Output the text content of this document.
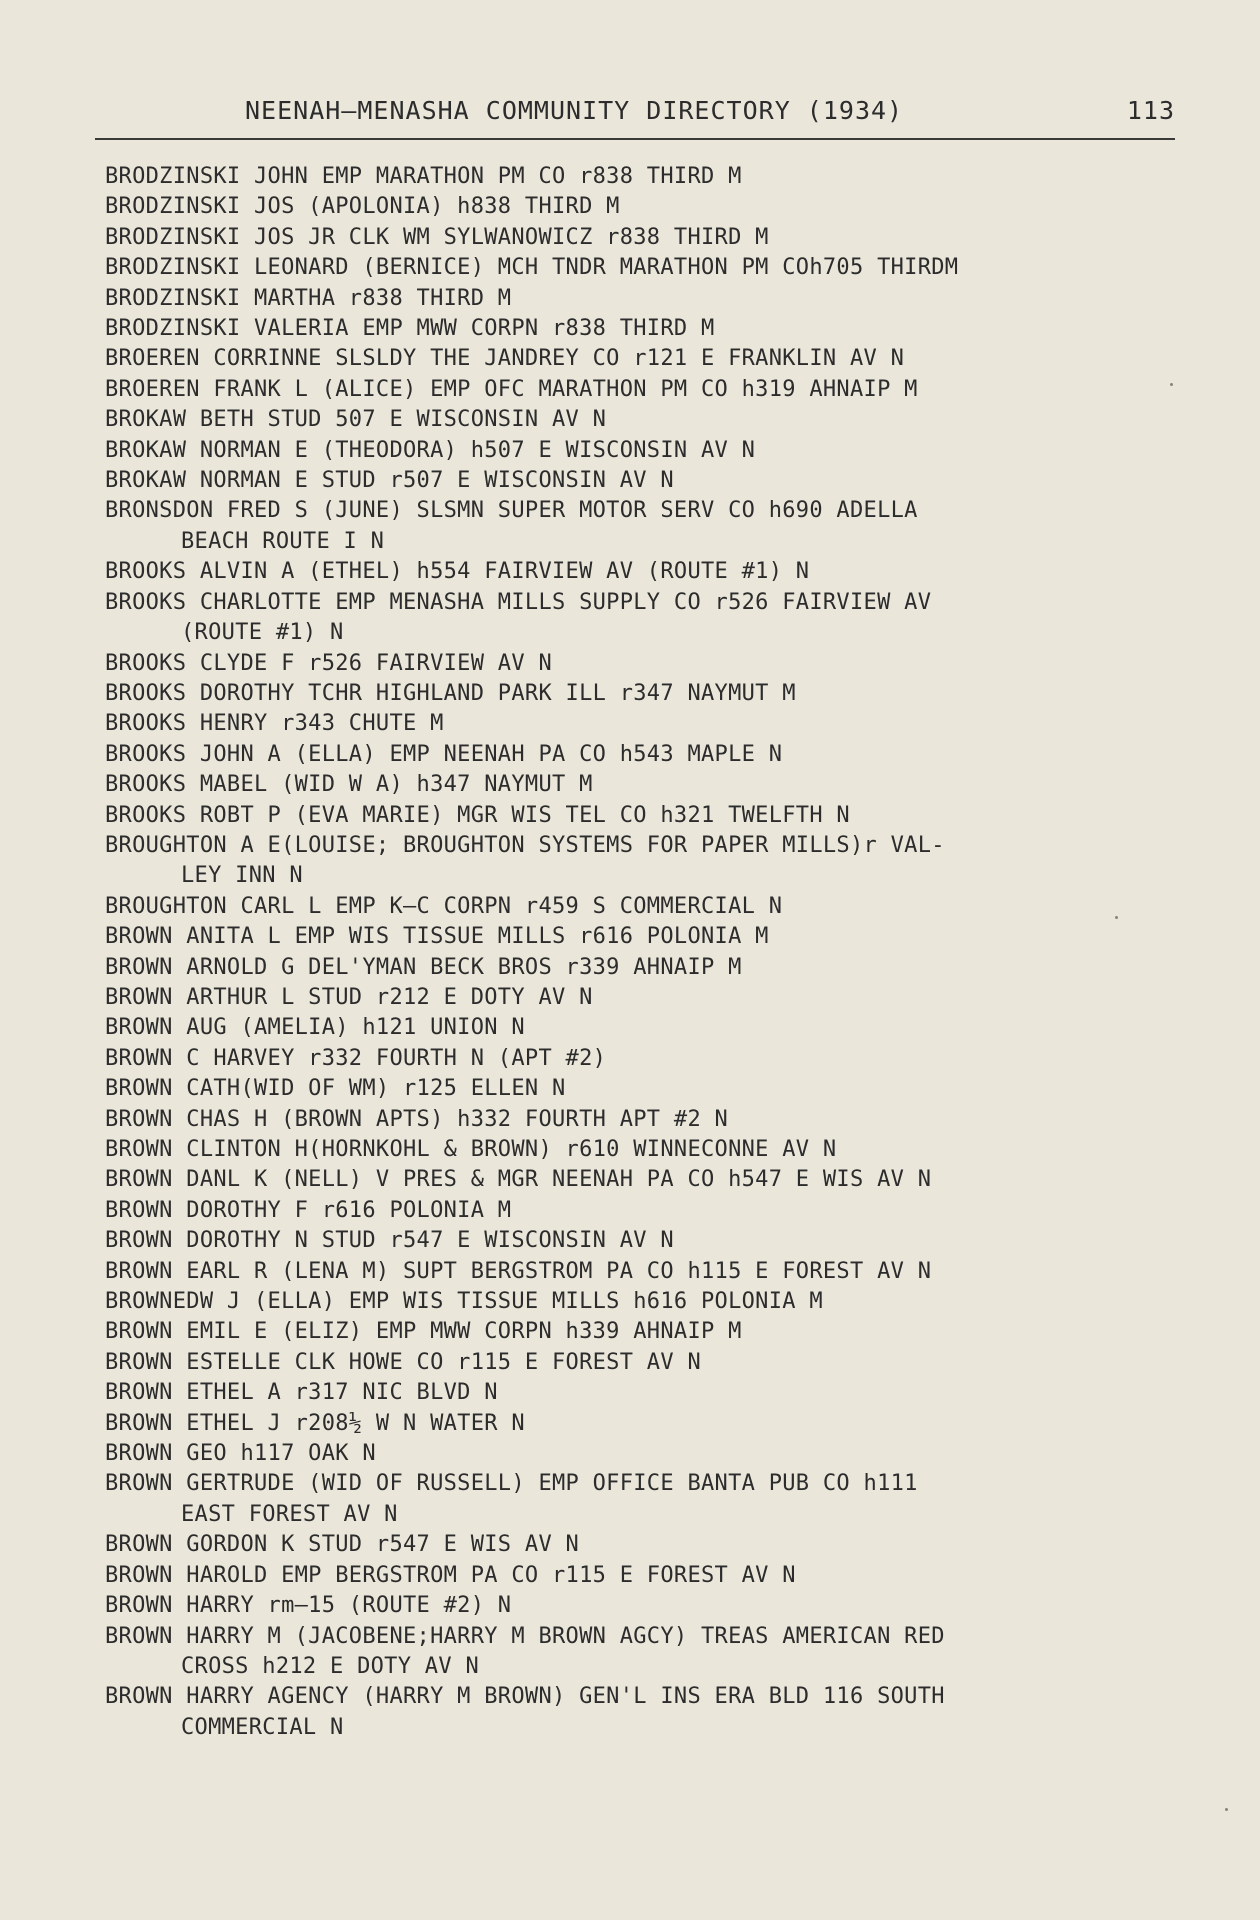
NEENAH—MENASHA COMMUNITY DIRECTORY (1934)	113
BRODZINSKI JOHN EMP MARATHON PM CO r838 THIRD M
BRODZINSKI JOS (APOLONIA) h838 THIRD M
BRODZINSKI JOS JR CLK WM SYLWANOWICZ r838 THIRD M
BRODZINSKI LEONARD (BERNICE) MCH TNDR MARATHON PM COh705 THIRDM
BRODZINSKI MARTHA r838 THIRD M
BRODZINSKI VALERIA EMP MWW CORPN r838 THIRD M
BROEREN CORRINNE SLSLDY THE JANDREY CO r121 E FRANKLIN AV N
BROEREN FRANK L (ALICE) EMP OFC MARATHON PM CO h319 AHNAIP M
BROKAW BETH STUD 507 E WISCONSIN AV N
BROKAW NORMAN E (THEODORA) h507 E WISCONSIN AV N
BROKAW NORMAN E STUD r507 E WISCONSIN AV N
BRONSDON FRED S (JUNE) SLSMN SUPER MOTOR SERV CO h690 ADELLA
BEACH ROUTE I N
BROOKS ALVIN A (ETHEL) h554 FAIRVIEW AV (ROUTE #1) N
BROOKS CHARLOTTE EMP MENASHA MILLS SUPPLY CO r526 FAIRVIEW AV
(ROUTE #1) N
BROOKS CLYDE F r526 FAIRVIEW AV N
BROOKS DOROTHY TCHR HIGHLAND PARK ILL r347 NAYMUT M
BROOKS HENRY r343 CHUTE M
BROOKS JOHN A (ELLA) EMP NEENAH PA CO h543 MAPLE N
BROOKS MABEL (WID W A) h347 NAYMUT M
BROOKS ROBT P (EVA MARIE) MGR WIS TEL CO h321 TWELFTH N
BROUGHTON A E(LOUISE; BROUGHTON SYSTEMS FOR PAPER MILLS)r VAL-
LEY INN N
BROUGHTON CARL L EMP K—C CORPN r459 S COMMERCIAL N
BROWN ANITA L EMP WIS TISSUE MILLS r616 POLONIA M
BROWN ARNOLD G DEL'YMAN BECK BROS r339 AHNAIP M
BROWN ARTHUR L STUD r212 E DOTY AV N
BROWN AUG (AMELIA) h121 UNION N
BROWN C HARVEY r332 FOURTH N (APT #2)
BROWN CATH(WID OF WM) r125 ELLEN N
BROWN CHAS H (BROWN APTS) h332 FOURTH APT #2 N
BROWN CLINTON H(HORNKOHL & BROWN) r610 WINNECONNE AV N
BROWN DANL K (NELL) V PRES & MGR NEENAH PA CO h547 E WIS AV N
BROWN DOROTHY F r616 POLONIA M
BROWN DOROTHY N STUD r547 E WISCONSIN AV N
BROWN EARL R (LENA M) SUPT BERGSTROM PA CO h115 E FOREST AV N
BROWNEDW J (ELLA) EMP WIS TISSUE MILLS h616 POLONIA M
BROWN EMIL E (ELIZ) EMP MWW CORPN h339 AHNAIP M
BROWN ESTELLE CLK HOWE CO r115 E FOREST AV N
BROWN ETHEL A r317 NIC BLVD N
BROWN ETHEL J r208½ W N WATER N
BROWN GEO h117 OAK N
BROWN GERTRUDE (WID OF RUSSELL) EMP OFFICE BANTA PUB CO h111
EAST FOREST AV N
BROWN GORDON K STUD r547 E WIS AV N
BROWN HAROLD EMP BERGSTROM PA CO r115 E FOREST AV N
BROWN HARRY rm—15 (ROUTE #2) N
BROWN HARRY M (JACOBENE;HARRY M BROWN AGCY) TREAS AMERICAN RED
CROSS h212 E DOTY AV N
BROWN HARRY AGENCY (HARRY M BROWN) GEN'L INS ERA BLD 116 SOUTH
COMMERCIAL N
